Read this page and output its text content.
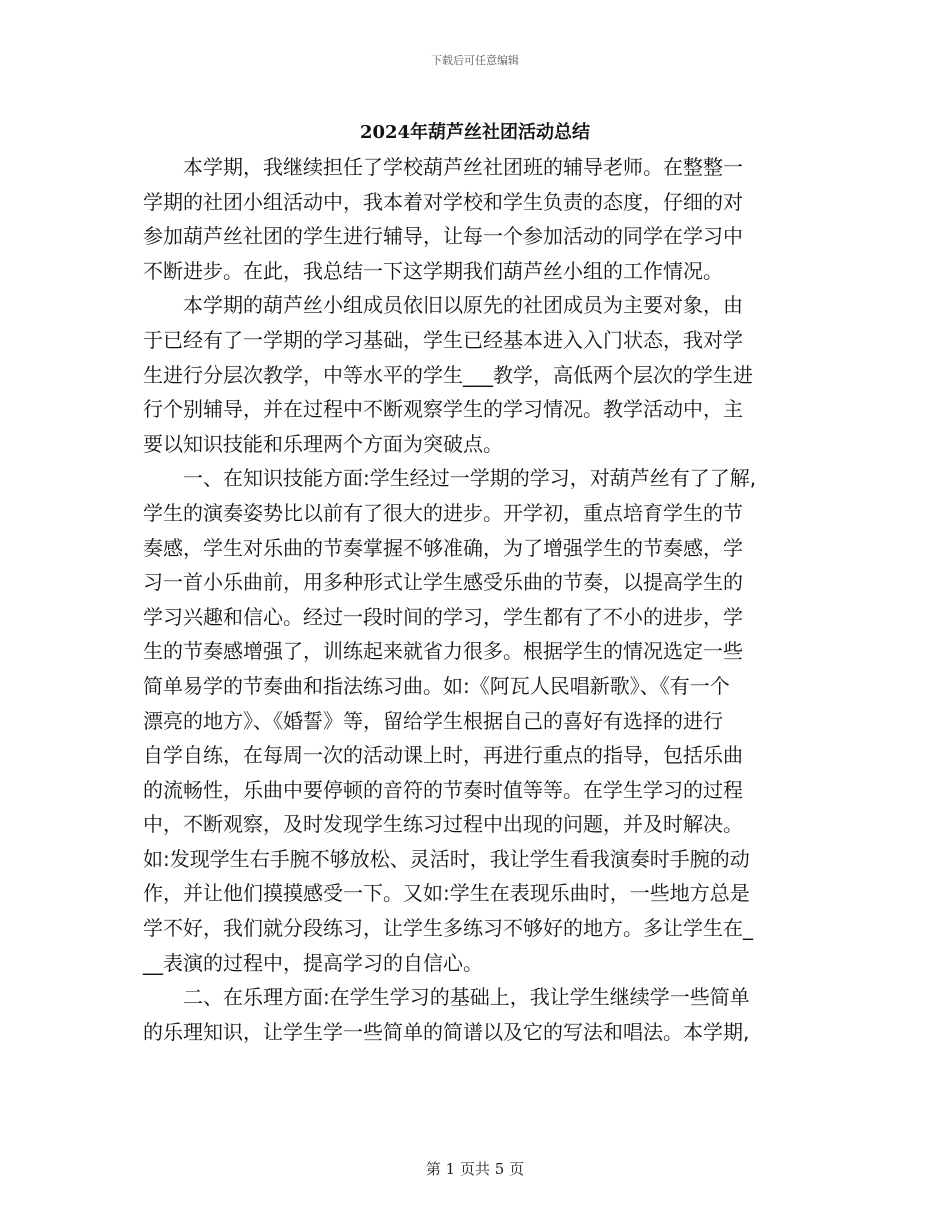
下载后可任意编辑
2024年葫芦丝社团活动总结
本学期，我继续担任了学校葫芦丝社团班的辅导老师。在整整一
学期的社团小组活动中，我本着对学校和学生负责的态度，仔细的对
参加葫芦丝社团的学生进行辅导，让每一个参加活动的同学在学习中
不断进步。在此，我总结一下这学期我们葫芦丝小组的工作情况。
本学期的葫芦丝小组成员依旧以原先的社团成员为主要对象，由
于已经有了一学期的学习基础，学生已经基本进入入门状态，我对学
生进行分层次教学，中等水平的学生___教学，高低两个层次的学生进
行个别辅导，并在过程中不断观察学生的学习情况。教学活动中，主
要以知识技能和乐理两个方面为突破点。
一、在知识技能方面:学生经过一学期的学习，对葫芦丝有了了解,
学生的演奏姿势比以前有了很大的进步。开学初，重点培育学生的节
奏感，学生对乐曲的节奏掌握不够准确，为了增强学生的节奏感，学
习一首小乐曲前，用多种形式让学生感受乐曲的节奏，以提高学生的
学习兴趣和信心。经过一段时间的学习，学生都有了不小的进步，学
生的节奏感增强了，训练起来就省力很多。根据学生的情况选定一些
简单易学的节奏曲和指法练习曲。如:《阿瓦人民唱新歌》、《有一个
漂亮的地方》、《婚誓》等，留给学生根据自己的喜好有选择的进行
自学自练，在每周一次的活动课上时，再进行重点的指导，包括乐曲
的流畅性，乐曲中要停顿的音符的节奏时值等等。在学生学习的过程
中，不断观察，及时发现学生练习过程中出现的问题，并及时解决。
如:发现学生右手腕不够放松、灵活时，我让学生看我演奏时手腕的动
作，并让他们摸摸感受一下。又如:学生在表现乐曲时，一些地方总是
学不好，我们就分段练习，让学生多练习不够好的地方。多让学生在_
__表演的过程中，提高学习的自信心。
二、在乐理方面:在学生学习的基础上，我让学生继续学一些简单
的乐理知识，让学生学一些简单的简谱以及它的写法和唱法。本学期,
第 1 页共 5 页
